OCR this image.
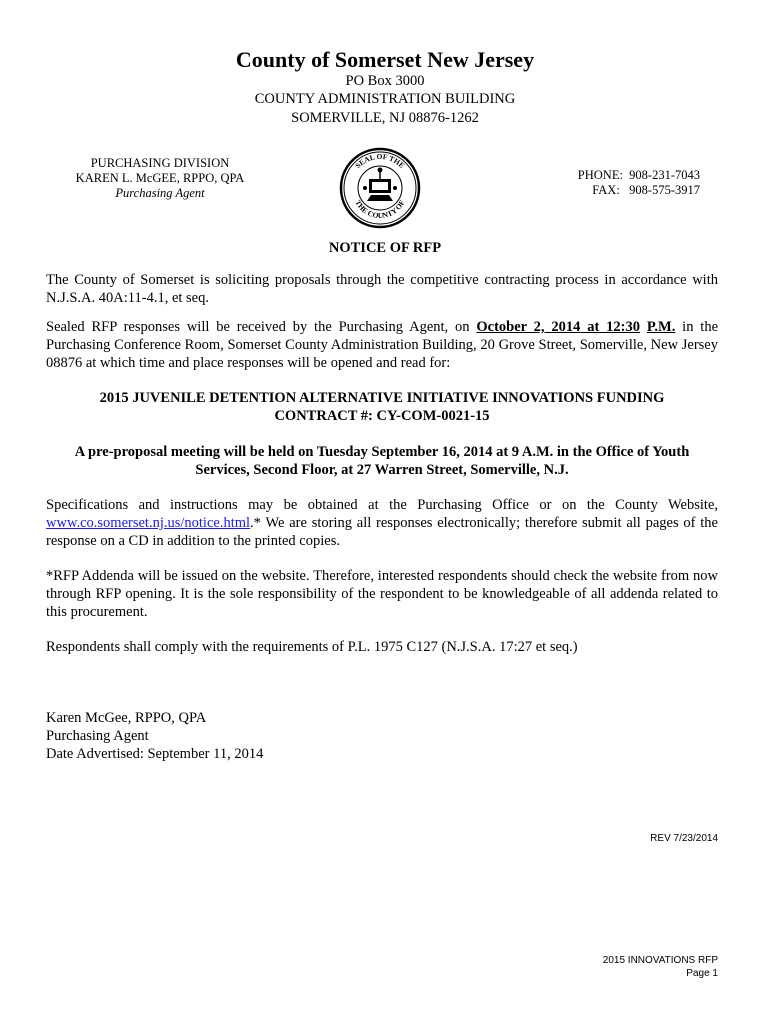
County of Somerset New Jersey
PO Box 3000
COUNTY ADMINISTRATION BUILDING
SOMERVILLE, NJ 08876-1262
PURCHASING DIVISION
KAREN L. McGEE, RPPO, QPA
Purchasing Agent
SEAL OF THE
THE COUNTY OF
PHONE:  908-231-7043
FAX:   908-575-3917
NOTICE OF RFP
The County of Somerset is soliciting proposals through the competitive contracting process in accordance with N.J.S.A. 40A:11-4.1, et seq.
Sealed RFP responses will be received by the Purchasing Agent, on October 2, 2014 at 12:30 P.M. in the Purchasing Conference Room, Somerset County Administration Building, 20 Grove Street, Somerville, New Jersey 08876 at which time and place responses will be opened and read for:
2015 JUVENILE DETENTION ALTERNATIVE INITIATIVE INNOVATIONS FUNDING
CONTRACT #: CY-COM-0021-15
A pre-proposal meeting will be held on Tuesday September 16, 2014 at 9 A.M. in the Office of Youth Services, Second Floor, at 27 Warren Street, Somerville, N.J.
Specifications and instructions may be obtained at the Purchasing Office or on the County Website, www.co.somerset.nj.us/notice.html.* We are storing all responses electronically; therefore submit all pages of the response on a CD in addition to the printed copies.
*RFP Addenda will be issued on the website. Therefore, interested respondents should check the website from now through RFP opening. It is the sole responsibility of the respondent to be knowledgeable of all addenda related to this procurement.
Respondents shall comply with the requirements of P.L. 1975 C127 (N.J.S.A. 17:27 et seq.)
Karen McGee, RPPO, QPA
Purchasing Agent
Date Advertised: September 11, 2014
REV 7/23/2014
2015 INNOVATIONS RFP
Page 1
